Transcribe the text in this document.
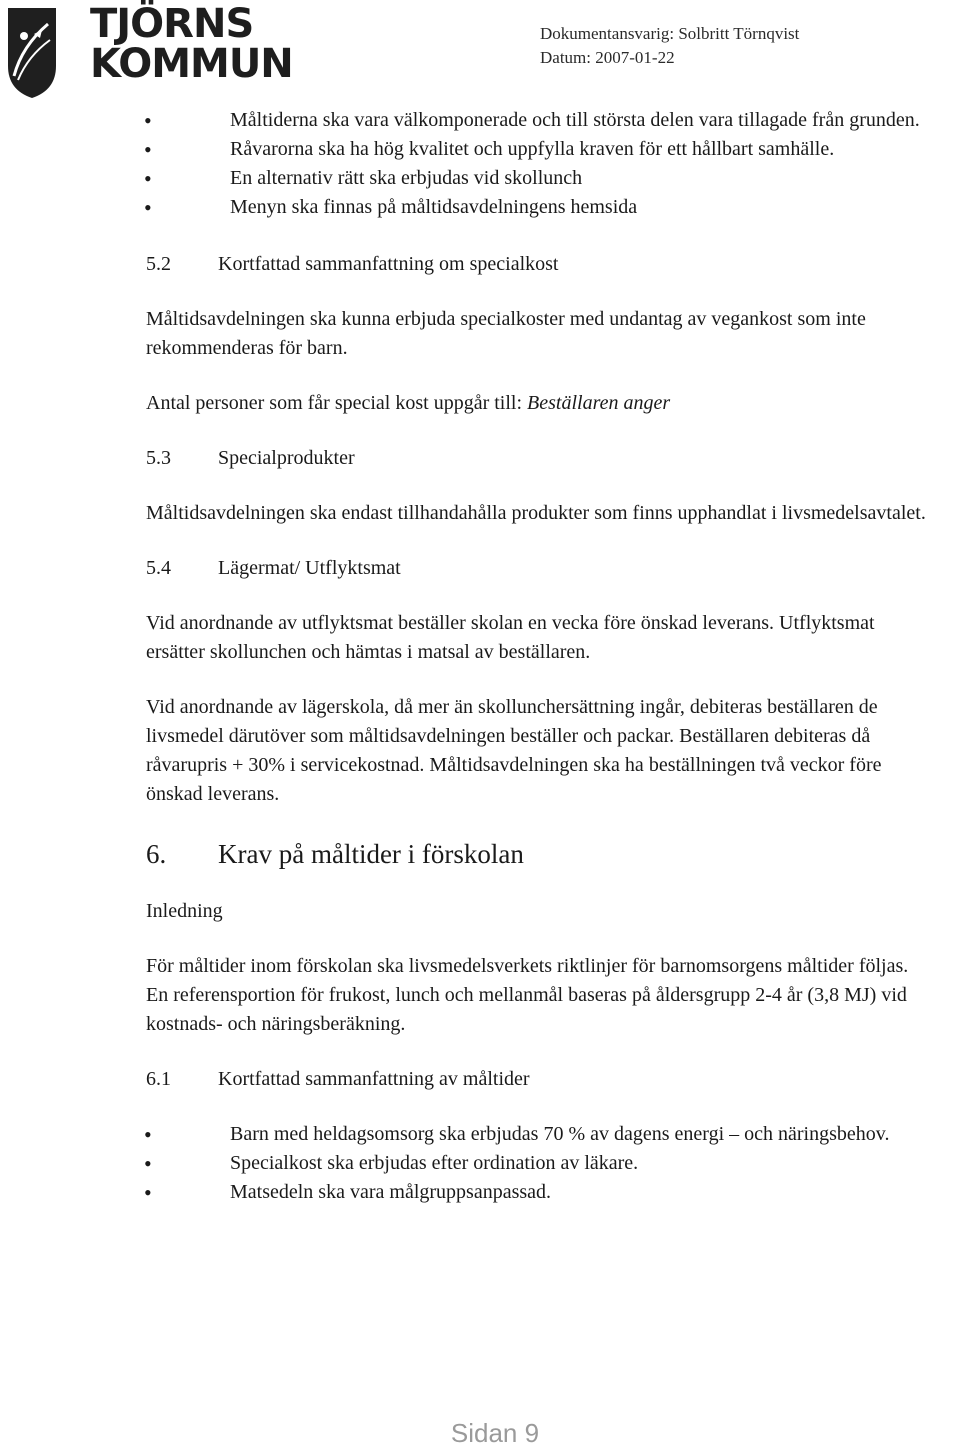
TJÖRNS
KOMMUN
Dokumentansvarig: Solbritt Törnqvist
Datum: 2007-01-22
• Måltiderna ska vara välkomponerade och till största delen vara tillagade från grunden.
• Råvarorna ska ha hög kvalitet och uppfylla kraven för ett hållbart samhälle.
• En alternativ rätt ska erbjudas vid skollunch
• Menyn ska finnas på måltidsavdelningens hemsida
5.2	Kortfattad sammanfattning om specialkost

Måltidsavdelningen ska kunna erbjuda specialkoster med undantag av vegankost som inte rekommenderas för barn.

Antal personer som får special kost uppgår till: Beställaren anger

5.3	Specialprodukter

Måltidsavdelningen ska endast tillhandahålla produkter som finns upphandlat i livsmedelsavtalet.

5.4	Lägermat/ Utflyktsmat

Vid anordnande av utflyktsmat beställer skolan en vecka före önskad leverans. Utflyktsmat ersätter skollunchen och hämtas i matsal av beställaren.

Vid anordnande av lägerskola, då mer än skollunchersättning ingår, debiteras beställaren de livsmedel därutöver som måltidsavdelningen beställer och packar. Beställaren debiteras då råvarupris + 30% i servicekostnad. Måltidsavdelningen ska ha beställningen två veckor före önskad leverans.

6.	Krav på måltider i förskolan

Inledning

För måltider inom förskolan ska livsmedelsverkets riktlinjer för barnomsorgens måltider följas.

En referensportion för frukost, lunch och mellanmål baseras på åldersgrupp 2-4 år (3,8 MJ) vid kostnads- och näringsberäkning.

6.1	Kortfattad sammanfattning av måltider
• Barn med heldagsomsorg ska erbjudas 70 % av dagens energi – och näringsbehov.
• Specialkost ska erbjudas efter ordination av läkare.
• Matsedeln ska vara målgruppsanpassad.
Sidan 9
